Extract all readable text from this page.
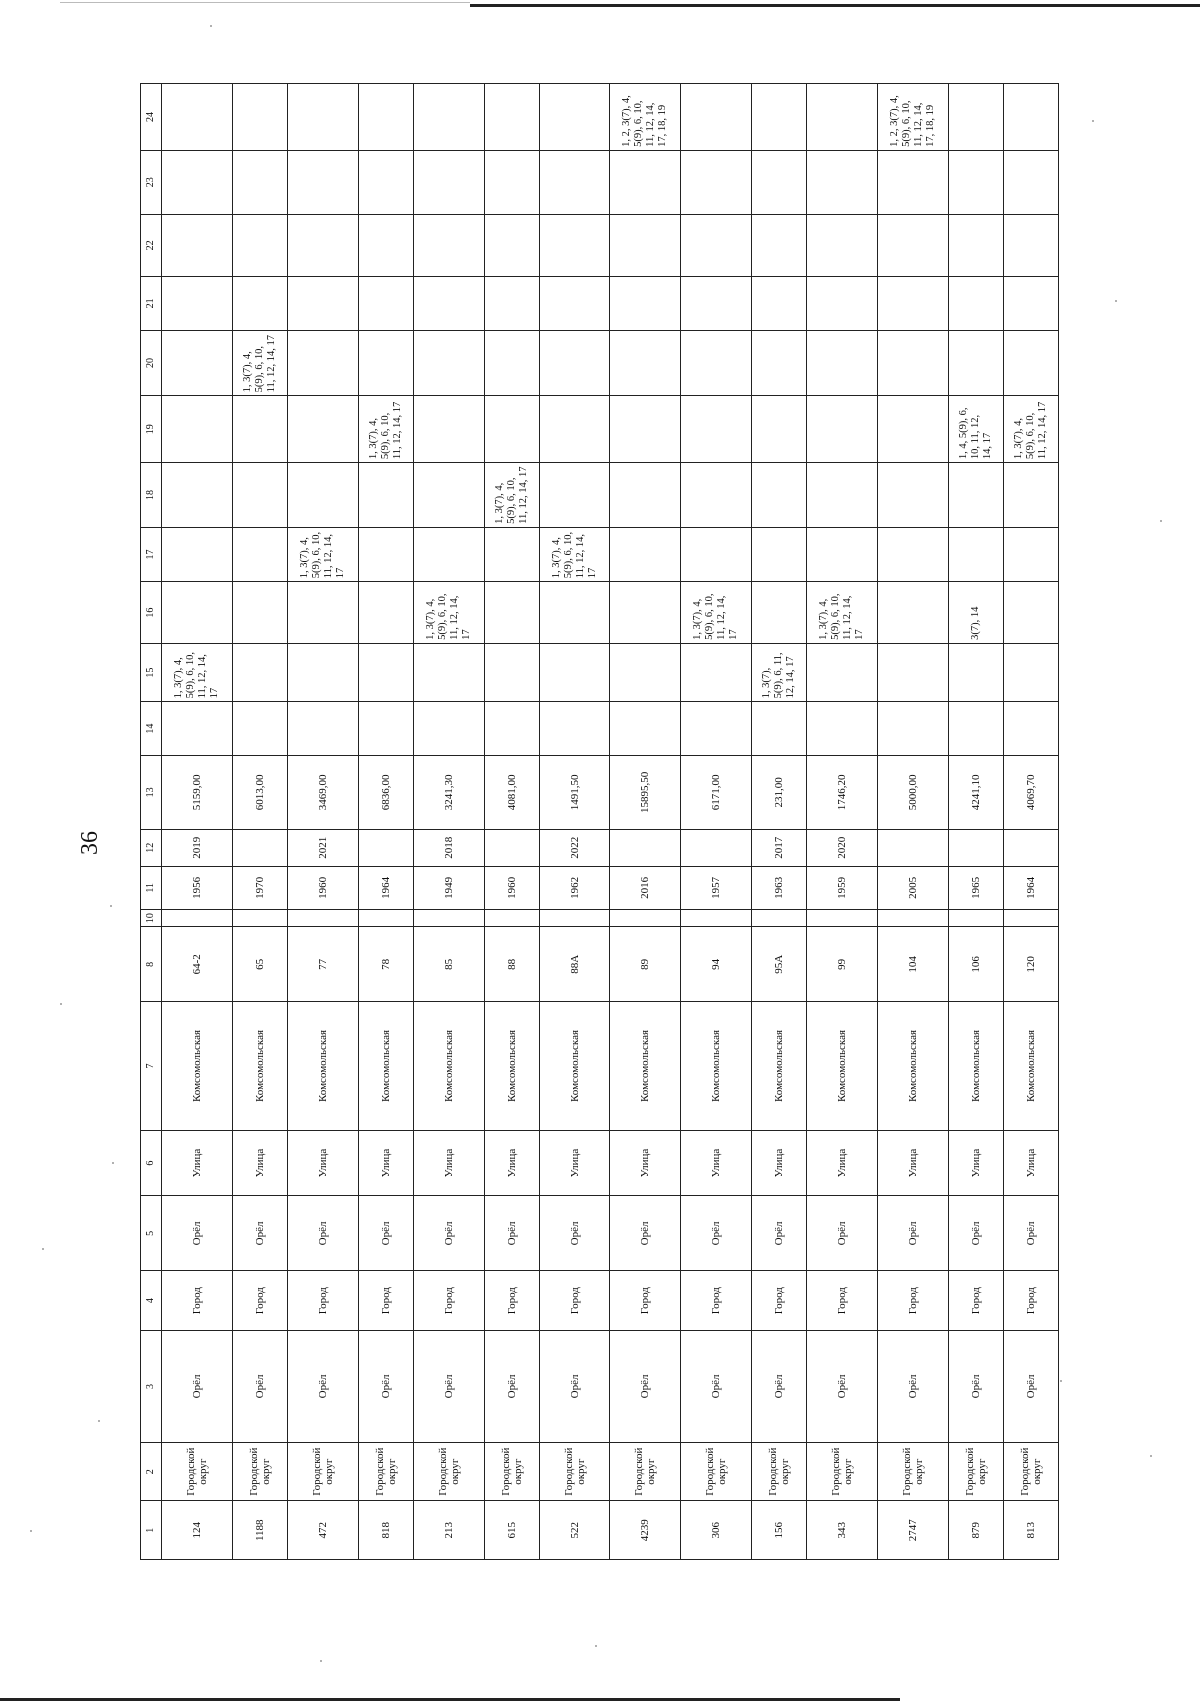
36
1	2	3	4	5	6	7	8	10	11	12	13	14	15	16	17	18	19	20	21	22	23	24
124	Городской округ	Орёл	Город	Орёл	Улица	Комсомольская	64-2		1956	2019	5159,00		1, 3(7), 4, 5(9), 6, 10, 11, 12, 14, 17									
1188	Городской округ	Орёл	Город	Орёл	Улица	Комсомольская	65		1970		6013,00							1, 3(7), 4, 5(9), 6, 10, 11, 12, 14, 17				
472	Городской округ	Орёл	Город	Орёл	Улица	Комсомольская	77		1960	2021	3469,00				1, 3(7), 4, 5(9), 6, 10, 11, 12, 14, 17							
818	Городской округ	Орёл	Город	Орёл	Улица	Комсомольская	78		1964		6836,00						1, 3(7), 4, 5(9), 6, 10, 11, 12, 14, 17					
213	Городской округ	Орёл	Город	Орёл	Улица	Комсомольская	85		1949	2018	3241,30			1, 3(7), 4, 5(9), 6, 10, 11, 12, 14, 17								
615	Городской округ	Орёл	Город	Орёл	Улица	Комсомольская	88		1960		4081,00					1, 3(7), 4, 5(9), 6, 10, 11, 12, 14, 17						
522	Городской округ	Орёл	Город	Орёл	Улица	Комсомольская	88А		1962	2022	1491,50				1, 3(7), 4, 5(9), 6, 10, 11, 12, 14, 17							
4239	Городской округ	Орёл	Город	Орёл	Улица	Комсомольская	89		2016		15895,50											1, 2, 3(7), 4, 5(9), 6, 10, 11, 12, 14, 17, 18, 19
306	Городской округ	Орёл	Город	Орёл	Улица	Комсомольская	94		1957		6171,00			1, 3(7), 4, 5(9), 6, 10, 11, 12, 14, 17								
156	Городской округ	Орёл	Город	Орёл	Улица	Комсомольская	95А		1963	2017	231,00		1, 3(7), 5(9), 6, 11, 12, 14, 17									
343	Городской округ	Орёл	Город	Орёл	Улица	Комсомольская	99		1959	2020	1746,20			1, 3(7), 4, 5(9), 6, 10, 11, 12, 14, 17								
2747	Городской округ	Орёл	Город	Орёл	Улица	Комсомольская	104		2005		5000,00											1, 2, 3(7), 4, 5(9), 6, 10, 11, 12, 14, 17, 18, 19
879	Городской округ	Орёл	Город	Орёл	Улица	Комсомольская	106		1965		4241,10			3(7), 14			1, 4, 5(9), 6, 10, 11, 12, 14, 17					
813	Городской округ	Орёл	Город	Орёл	Улица	Комсомольская	120		1964		4069,70						1, 3(7), 4, 5(9), 6, 10, 11, 12, 14, 17					
